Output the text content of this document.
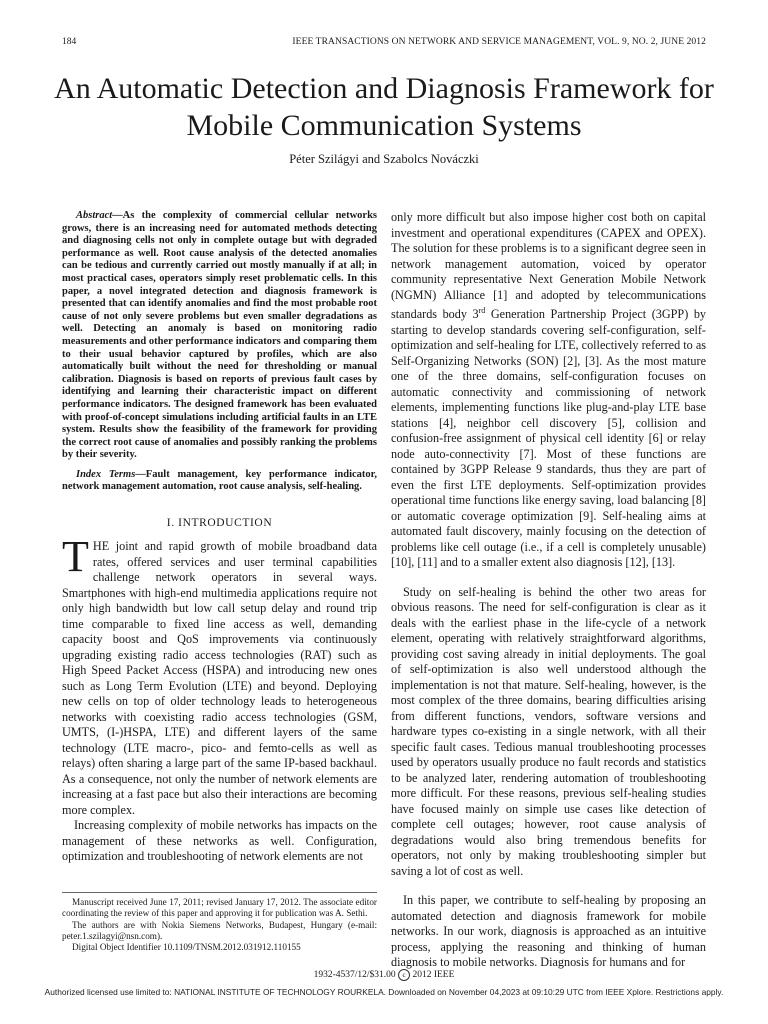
184	IEEE TRANSACTIONS ON NETWORK AND SERVICE MANAGEMENT, VOL. 9, NO. 2, JUNE 2012
An Automatic Detection and Diagnosis Framework for Mobile Communication Systems
Péter Szilágyi and Szabolcs Nováczki

Abstract—As the complexity of commercial cellular networks grows, there is an increasing need for automated methods detecting and diagnosing cells not only in complete outage but with degraded performance as well. Root cause analysis of the detected anomalies can be tedious and currently carried out mostly manually if at all; in most practical cases, operators simply reset problematic cells. In this paper, a novel integrated detection and diagnosis framework is presented that can identify anomalies and find the most probable root cause of not only severe problems but even smaller degradations as well. Detecting an anomaly is based on monitoring radio measurements and other performance indicators and comparing them to their usual behavior captured by profiles, which are also automatically built without the need for thresholding or manual calibration. Diagnosis is based on reports of previous fault cases by identifying and learning their characteristic impact on different performance indicators. The designed framework has been evaluated with proof-of-concept simulations including artificial faults in an LTE system. Results show the feasibility of the framework for providing the correct root cause of anomalies and possibly ranking the problems by their severity.

Index Terms—Fault management, key performance indicator, network management automation, root cause analysis, self-healing.

I. INTRODUCTION

THE joint and rapid growth of mobile broadband data rates, offered services and user terminal capabilities challenge network operators in several ways. Smartphones with high-end multimedia applications require not only high bandwidth but low call setup delay and round trip time comparable to fixed line access as well, demanding capacity boost and QoS improvements via continuously upgrading existing radio access technologies (RAT) such as High Speed Packet Access (HSPA) and introducing new ones such as Long Term Evolution (LTE) and beyond. Deploying new cells on top of older technology leads to heterogeneous networks with coexisting radio access technologies (GSM, UMTS, (I-)HSPA, LTE) and different layers of the same technology (LTE macro-, pico- and femto-cells as well as relays) often sharing a large part of the same IP-based backhaul. As a consequence, not only the number of network elements are increasing at a fast pace but also their interactions are becoming more complex.

Increasing complexity of mobile networks has impacts on the management of these networks as well. Configuration, optimization and troubleshooting of network elements are not

only more difficult but also impose higher cost both on capital investment and operational expenditures (CAPEX and OPEX). The solution for these problems is to a significant degree seen in network management automation, voiced by operator community representative Next Generation Mobile Network (NGMN) Alliance [1] and adopted by telecommunications standards body 3rd Generation Partnership Project (3GPP) by starting to develop standards covering self-configuration, self-optimization and self-healing for LTE, collectively referred to as Self-Organizing Networks (SON) [2], [3]. As the most mature one of the three domains, self-configuration focuses on automatic connectivity and commissioning of network elements, implementing functions like plug-and-play LTE base stations [4], neighbor cell discovery [5], collision and confusion-free assignment of physical cell identity [6] or relay node auto-connectivity [7]. Most of these functions are contained by 3GPP Release 9 standards, thus they are part of even the first LTE deployments. Self-optimization provides operational time functions like energy saving, load balancing [8] or automatic coverage optimization [9]. Self-healing aims at automated fault discovery, mainly focusing on the detection of problems like cell outage (i.e., if a cell is completely unusable) [10], [11] and to a smaller extent also diagnosis [12], [13].

Study on self-healing is behind the other two areas for obvious reasons. The need for self-configuration is clear as it deals with the earliest phase in the life-cycle of a network element, operating with relatively straightforward algorithms, providing cost saving already in initial deployments. The goal of self-optimization is also well understood although the implementation is not that mature. Self-healing, however, is the most complex of the three domains, bearing difficulties arising from different functions, vendors, software versions and hardware types co-existing in a single network, with all their specific fault cases. Tedious manual troubleshooting processes used by operators usually produce no fault records and statistics to be analyzed later, rendering automation of troubleshooting more difficult. For these reasons, previous self-healing studies have focused mainly on simple use cases like detection of complete cell outages; however, root cause analysis of degradations would also bring tremendous benefits for operators, not only by making troubleshooting simpler but saving a lot of cost as well.

In this paper, we contribute to self-healing by proposing an automated detection and diagnosis framework for mobile networks. In our work, diagnosis is approached as an intuitive process, applying the reasoning and thinking of human diagnosis to mobile networks. Diagnosis for humans and for

Manuscript received June 17, 2011; revised January 17, 2012. The associate editor coordinating the review of this paper and approving it for publication was A. Sethi.

The authors are with Nokia Siemens Networks, Budapest, Hungary (e-mail: peter.1.szilagyi@nsn.com).

Digital Object Identifier 10.1109/TNSM.2012.031912.110155

1932-4537/12/$31.00 c 2012 IEEE
Authorized licensed use limited to: NATIONAL INSTITUTE OF TECHNOLOGY ROURKELA. Downloaded on November 04,2023 at 09:10:29 UTC from IEEE Xplore. Restrictions apply.
